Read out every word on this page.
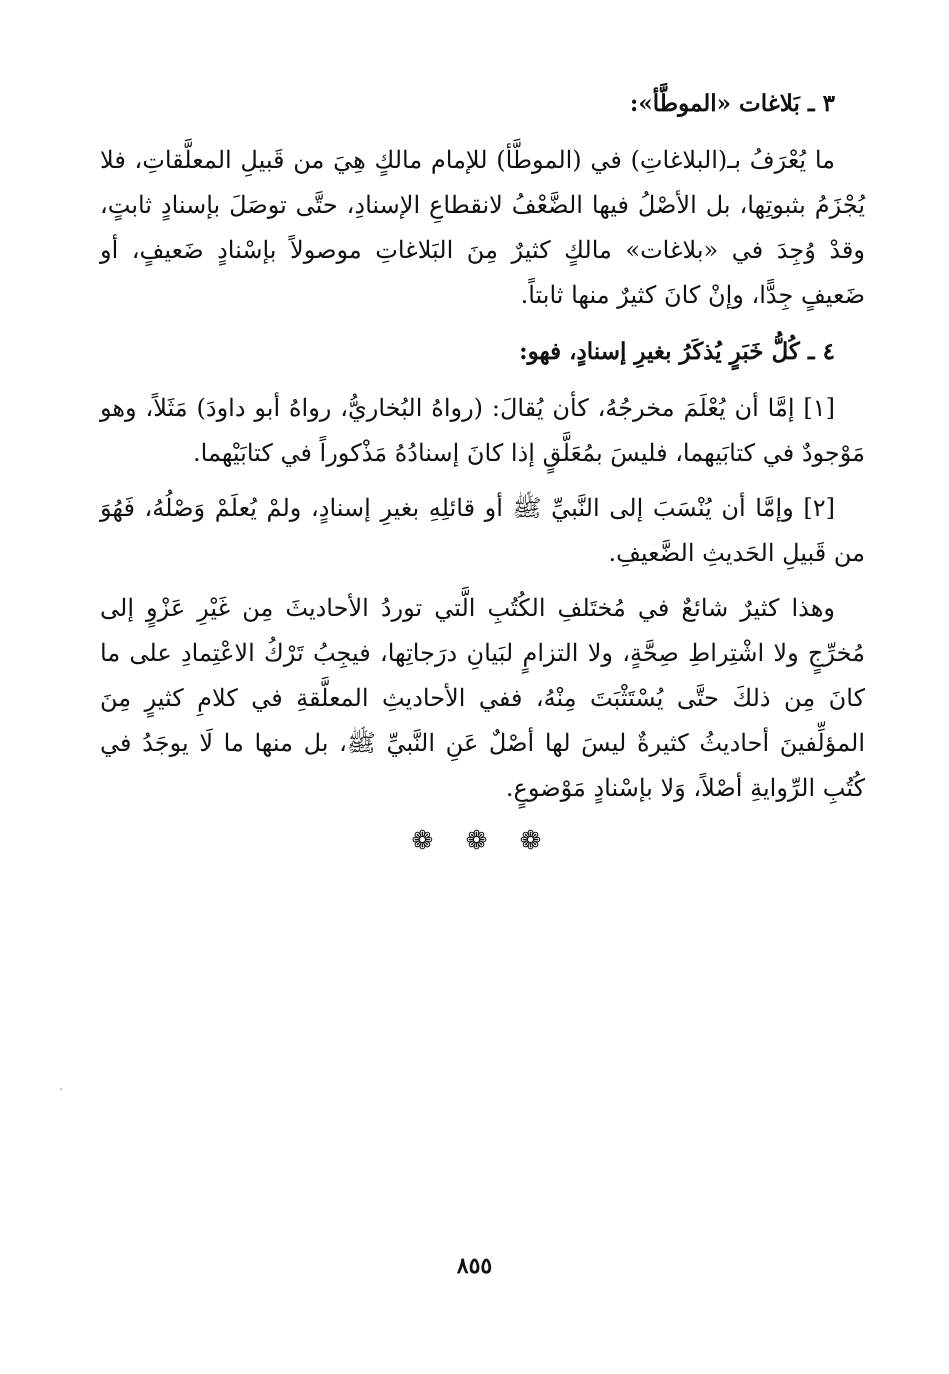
٣ ـ بَلاغات «الموطَّأ»:

ما يُعْرَفُ بـ(البلاغاتِ) في (الموطَّأ) للإمام مالكٍ هِيَ من قَبيلِ المعلَّقاتِ، فلا يُجْزَمُ بثبوتِها، بل الأصْلُ فيها الضَّعْفُ لانقطاعِ الإسنادِ، حتَّى توصَلَ بإسنادٍ ثابتٍ، وقدْ وُجِدَ في «بلاغات» مالكٍ كثيرٌ مِنَ البَلاغاتِ موصولاً بإسْنادٍ ضَعيفٍ، أو ضَعيفٍ جِدًّا، وإنْ كانَ كثيرٌ منها ثابتاً.

٤ ـ كُلُّ خَبَرٍ يُذكَرُ بغيرِ إسنادٍ، فهو:

[١] إمَّا أن يُعْلَمَ مخرجُهُ، كأن يُقالَ: (رواهُ البُخاريُّ، رواهُ أبو داودَ) مَثَلاً، وهو مَوْجودٌ في كتابَيهما، فليسَ بمُعَلَّقٍ إذا كانَ إسنادُهُ مَذْكوراً في كتابَيْهما.

[٢] وإمَّا أن يُنْسَبَ إلى النَّبيِّ ﷺ أو قائلِهِ بغيرِ إسنادٍ، ولمْ يُعلَمْ وَصْلُهُ، فَهُوَ من قَبيلِ الحَديثِ الضَّعيفِ.

وهذا كثيرٌ شائعٌ في مُختَلفِ الكُتُبِ الَّتي توردُ الأحاديثَ مِن غَيْرِ عَزْوٍ إلى مُخرِّجٍ ولا اشْتِراطِ صِحَّةٍ، ولا التزامٍ لبَيانِ درَجاتِها، فيجِبُ تَرْكُ الاعْتِمادِ على ما كانَ مِن ذلكَ حتَّى يُسْتَثْبَتَ مِنْهُ، ففي الأحاديثِ المعلَّقةِ في كلامِ كثيرٍ مِنَ المؤلِّفينَ أحاديثُ كثيرةٌ ليسَ لها أصْلٌ عَنِ النَّبيِّ ﷺ، بل منها ما لَا يوجَدُ في كُتُبِ الرِّوايةِ أصْلاً، وَلا بإسْنادٍ مَوْضوعٍ.

❁ ❁ ❁
٨٥٥
